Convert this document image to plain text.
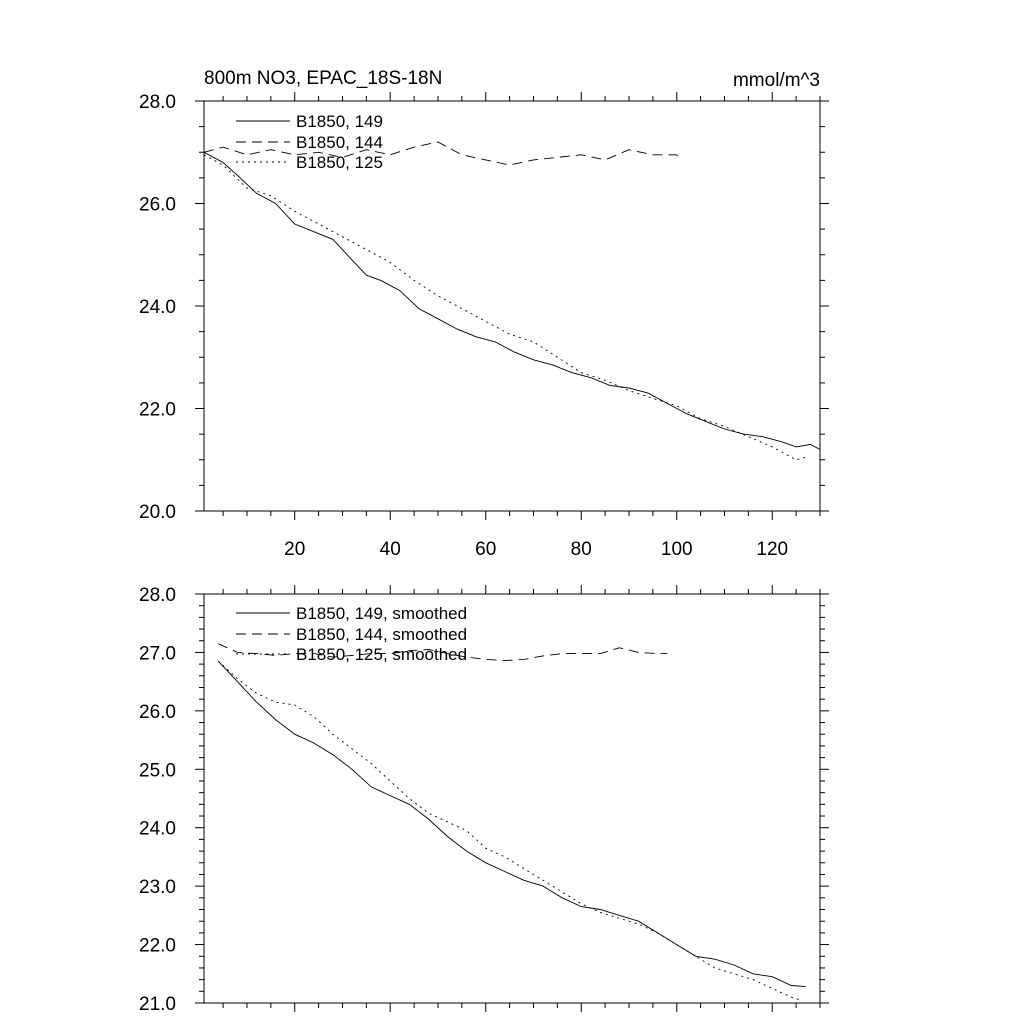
800m NO3, EPAC_18S-18N	mmol/m^3
20	40	60	80	100	120
20.0
22.0
24.0
26.0
28.0
B1850, 149
B1850, 144
B1850, 125
21.0
22.0
23.0
24.0
25.0
26.0
27.0
28.0
B1850, 149, smoothed
B1850, 144, smoothed
B1850, 125, smoothed
